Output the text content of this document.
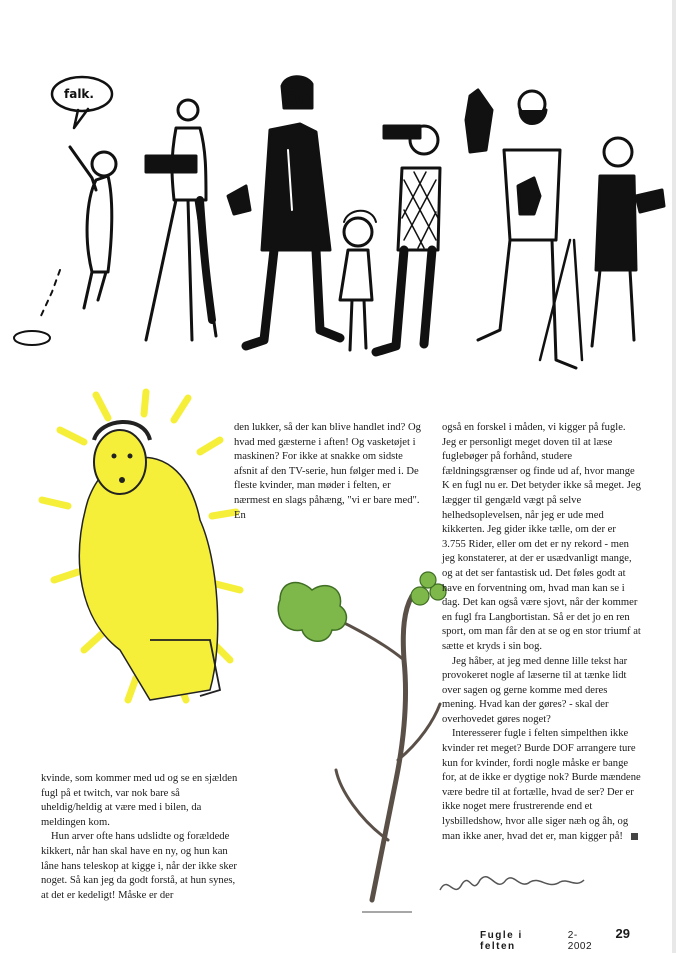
falk.

kvinde, som kommer med ud og se en sjælden fugl på et twitch, var nok bare så uheldig/heldig at være med i bilen, da meldingen kom.

Hun arver ofte hans udslidte og forældede kikkert, når han skal have en ny, og hun kan låne hans teleskop at kigge i, når der ikke sker noget. Så kan jeg da godt forstå, at hun synes, at det er kedeligt! Måske er der

den lukker, så der kan blive handlet ind? Og hvad med gæsterne i aften! Og vasketøjet i maskinen? For ikke at snakke om sidste afsnit af den TV-serie, hun følger med i. De fleste kvinder, man møder i felten, er nærmest en slags påhæng, "vi er bare med". En

også en forskel i måden, vi kigger på fugle. Jeg er personligt meget doven til at læse fuglebøger på forhånd, studere fældningsgrænser og finde ud af, hvor mange K en fugl nu er. Det betyder ikke så meget. Jeg lægger til gengæld vægt på selve helhedsoplevelsen, når jeg er ude med kikkerten. Jeg gider ikke tælle, om der er 3.755 Rider, eller om det er ny rekord - men jeg konstaterer, at der er usædvanligt mange, og at det ser fantastisk ud. Det føles godt at have en forventning om, hvad man kan se i dag. Det kan også være sjovt, når der kommer en fugl fra Langbortistan. Så er det jo en ren sport, om man får den at se og en stor triumf at sætte et kryds i sin bog.

Jeg håber, at jeg med denne lille tekst har provokeret nogle af læserne til at tænke lidt over sagen og gerne komme med deres mening. Hvad kan der gøres? - skal der overhovedet gøres noget?

Interesserer fugle i felten simpelthen ikke kvinder ret meget? Burde DOF arrangere ture kun for kvinder, fordi nogle måske er bange for, at de ikke er dygtige nok? Burde mændene være bedre til at fortælle, hvad de ser? Der er ikke noget mere frustrerende end et lysbilledshow, hvor alle siger næh og åh, og man ikke aner, hvad det er, man kigger på!

Fugle i felten
2-2002
29
